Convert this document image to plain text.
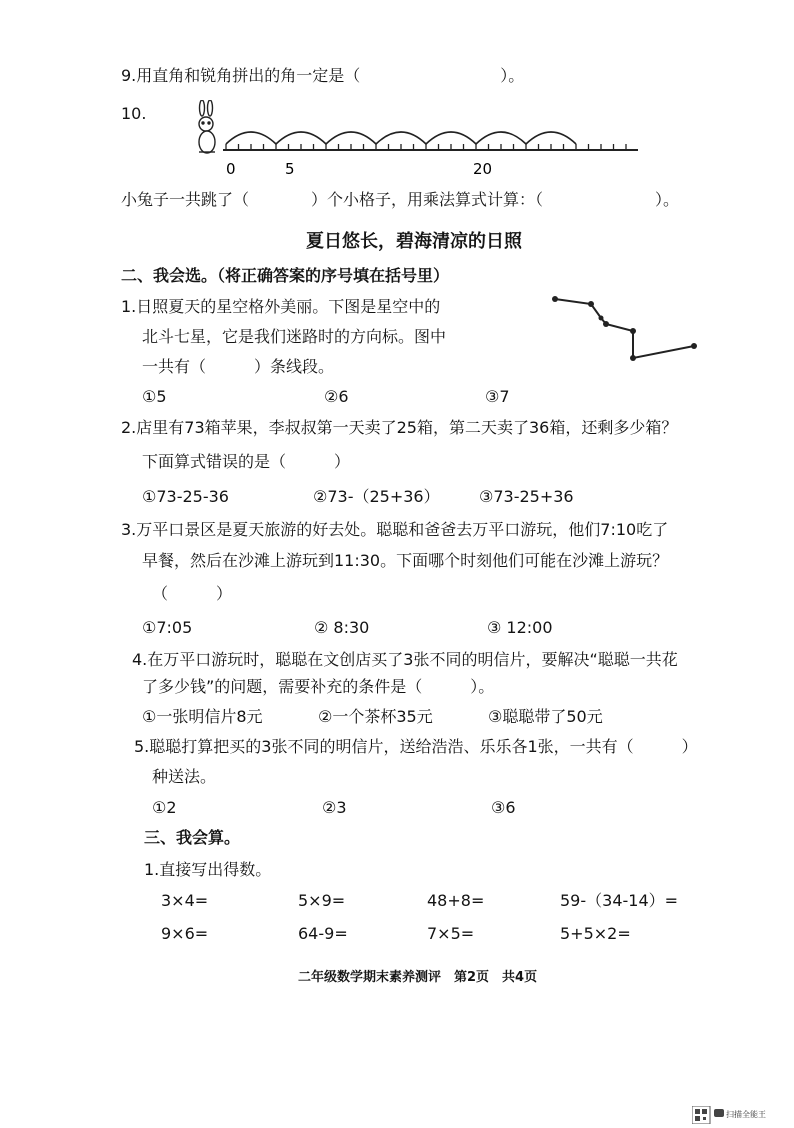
9.用直角和锐角拼出的角一定是（	）。
10.
0	5	20
小兔子一共跳了（	）个小格子，用乘法算式计算：（	）。
夏日悠长，碧海清凉的日照
二、我会选。（将正确答案的序号填在括号里）
1.日照夏天的星空格外美丽。下图是星空中的
北斗七星，它是我们迷路时的方向标。图中
一共有（　　　）条线段。
①5	②6	③7
2.店里有73箱苹果，李叔叔第一天卖了25箱，第二天卖了36箱，还剩多少箱？
下面算式错误的是（　　　）
①73-25-36	②73-（25+36） ③73-25+36
3.万平口景区是夏天旅游的好去处。聪聪和爸爸去万平口游玩，他们7:10吃了
早餐，然后在沙滩上游玩到11:30。下面哪个时刻他们可能在沙滩上游玩？
（　　　）
①7:05	② 8:30	③ 12:00
4.在万平口游玩时，聪聪在文创店买了3张不同的明信片，要解决“聪聪一共花
了多少钱”的问题，需要补充的条件是（　　　）。
①一张明信片8元	②一个茶杯35元	③聪聪带了50元
5.聪聪打算把买的3张不同的明信片，送给浩浩、乐乐各1张，一共有（　　　）
种送法。
①2	②3	③6
三、我会算。
1.直接写出得数。
3×4=	5×9=	48+8=	59-（34-14）=
9×6=	64-9=	7×5=	5+5×2=
二年级数学期末素养测评　第2页　共4页
扫描全能王
